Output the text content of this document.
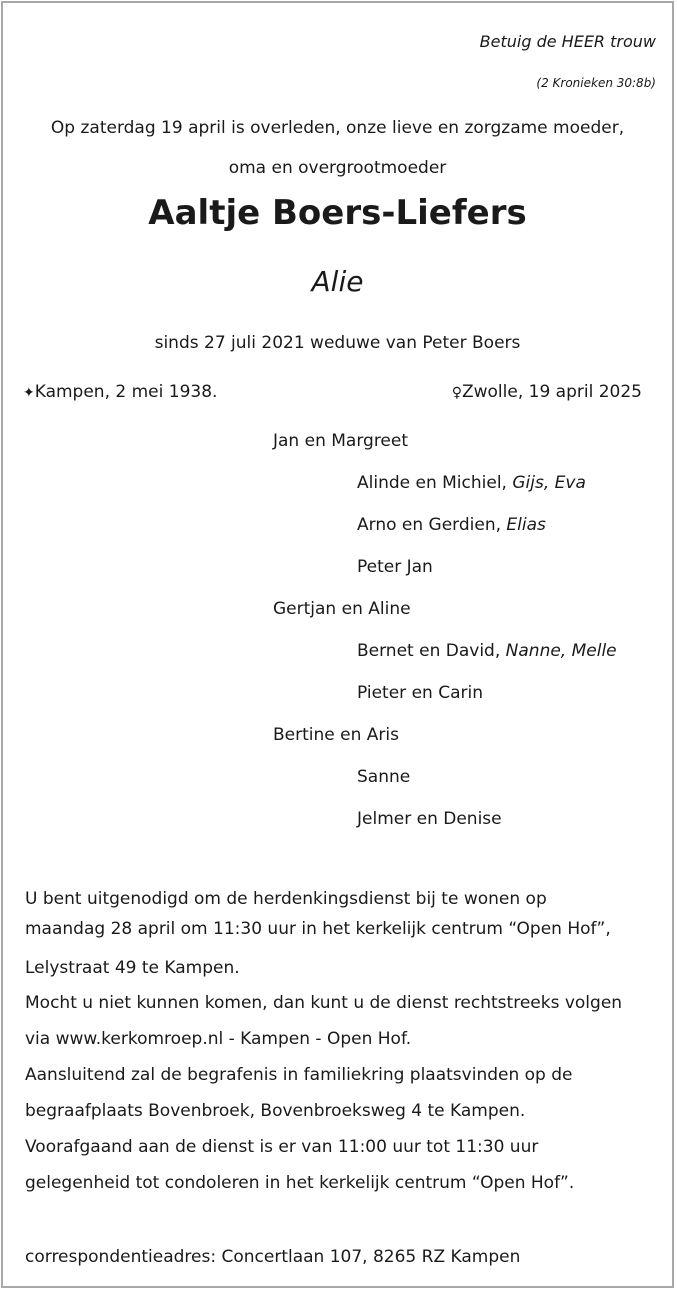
Betuig de HEER trouw
(2 Kronieken 30:8b)
Op zaterdag 19 april is overleden, onze lieve en zorgzame moeder,
oma en overgrootmoeder
Aaltje Boers-Liefers
Alie
sinds 27 juli 2021 weduwe van Peter Boers
✦Kampen, 2 mei 1938.	♀Zwolle, 19 april 2025
Jan en Margreet
Alinde en Michiel, Gijs, Eva
Arno en Gerdien, Elias
Peter Jan
Gertjan en Aline
Bernet en David, Nanne, Melle
Pieter en Carin
Bertine en Aris
Sanne
Jelmer en Denise
U bent uitgenodigd om de herdenkingsdienst bij te wonen op
maandag 28 april om 11:30 uur in het kerkelijk centrum “Open Hof”,
Lelystraat 49 te Kampen.
Mocht u niet kunnen komen, dan kunt u de dienst rechtstreeks volgen
via www.kerkomroep.nl - Kampen - Open Hof.
Aansluitend zal de begrafenis in familiekring plaatsvinden op de
begraafplaats Bovenbroek, Bovenbroeksweg 4 te Kampen.
Voorafgaand aan de dienst is er van 11:00 uur tot 11:30 uur
gelegenheid tot condoleren in het kerkelijk centrum “Open Hof”.
correspondentieadres: Concertlaan 107, 8265 RZ Kampen
